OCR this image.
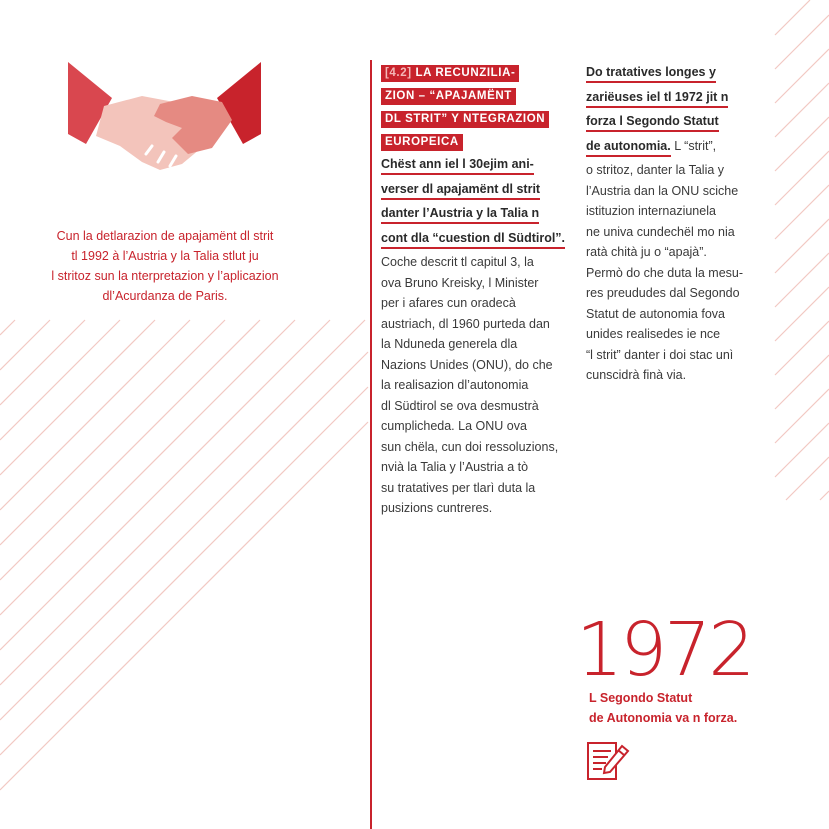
Cun la detlarazion de apajamënt dl strit
tl 1992 à l’Austria y la Talia stlut ju
l stritoz sun la nterpretazion y l’aplicazion
dl’Acurdanza de Paris.
[4.2] LA RECUNZILIA-
ZION – “APAJAMËNT
DL STRIT” Y NTEGRAZION
EUROPEICA
Chëst ann iel l 30ejim ani-
verser dl apajamënt dl strit
danter l’Austria y la Talia n
cont dla “cuestion dl Südtirol”.
Coche descrit tl capitul 3, la
ova Bruno Kreisky, l Minister
per i afares cun oradecà
austriach, dl 1960 purteda dan
la Nduneda generela dla
Nazions Unides (ONU), do che
la realisazion dl’autonomia
dl Südtirol se ova desmustrà
cumplicheda. La ONU ova
sun chëla, cun doi ressoluzions,
nvià la Talia y l’Austria a tò
su tratatives per tlarì duta la
pusizions cuntreres.
Do tratatives longes y
zariëuses iel tl 1972 jit n
forza l Segondo Statut
de autonomia. L “strit”,
o stritoz, danter la Talia y
l’Austria dan la ONU sciche
istituzion internaziunela
ne univa cundechël mo nia
ratà chità ju o “apajà”.
Permò do che duta la mesu-
res preududes dal Segondo
Statut de autonomia fova
unides realisedes ie nce
“l strit” danter i doi stac unì
cunscidrà finà via.
1972
L Segondo Statut
de Autonomia va n forza.
